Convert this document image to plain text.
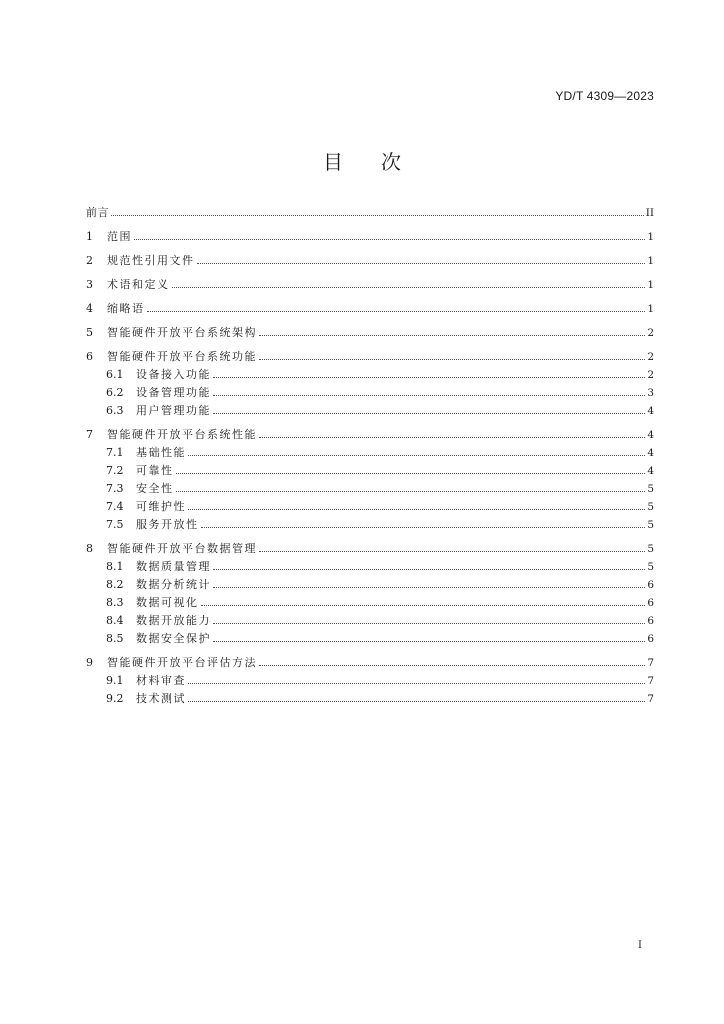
YD/T 4309—2023
目 次
前言	II
1	范围	1
2	规范性引用文件	1
3	术语和定义	1
4	缩略语	1
5	智能硬件开放平台系统架构	2
6	智能硬件开放平台系统功能	2
6.1	设备接入功能	2
6.2	设备管理功能	3
6.3	用户管理功能	4
7	智能硬件开放平台系统性能	4
7.1	基础性能	4
7.2	可靠性	4
7.3	安全性	5
7.4	可维护性	5
7.5	服务开放性	5
8	智能硬件开放平台数据管理	5
8.1	数据质量管理	5
8.2	数据分析统计	6
8.3	数据可视化	6
8.4	数据开放能力	6
8.5	数据安全保护	6
9	智能硬件开放平台评估方法	7
9.1	材料审查	7
9.2	技术测试	7
I
